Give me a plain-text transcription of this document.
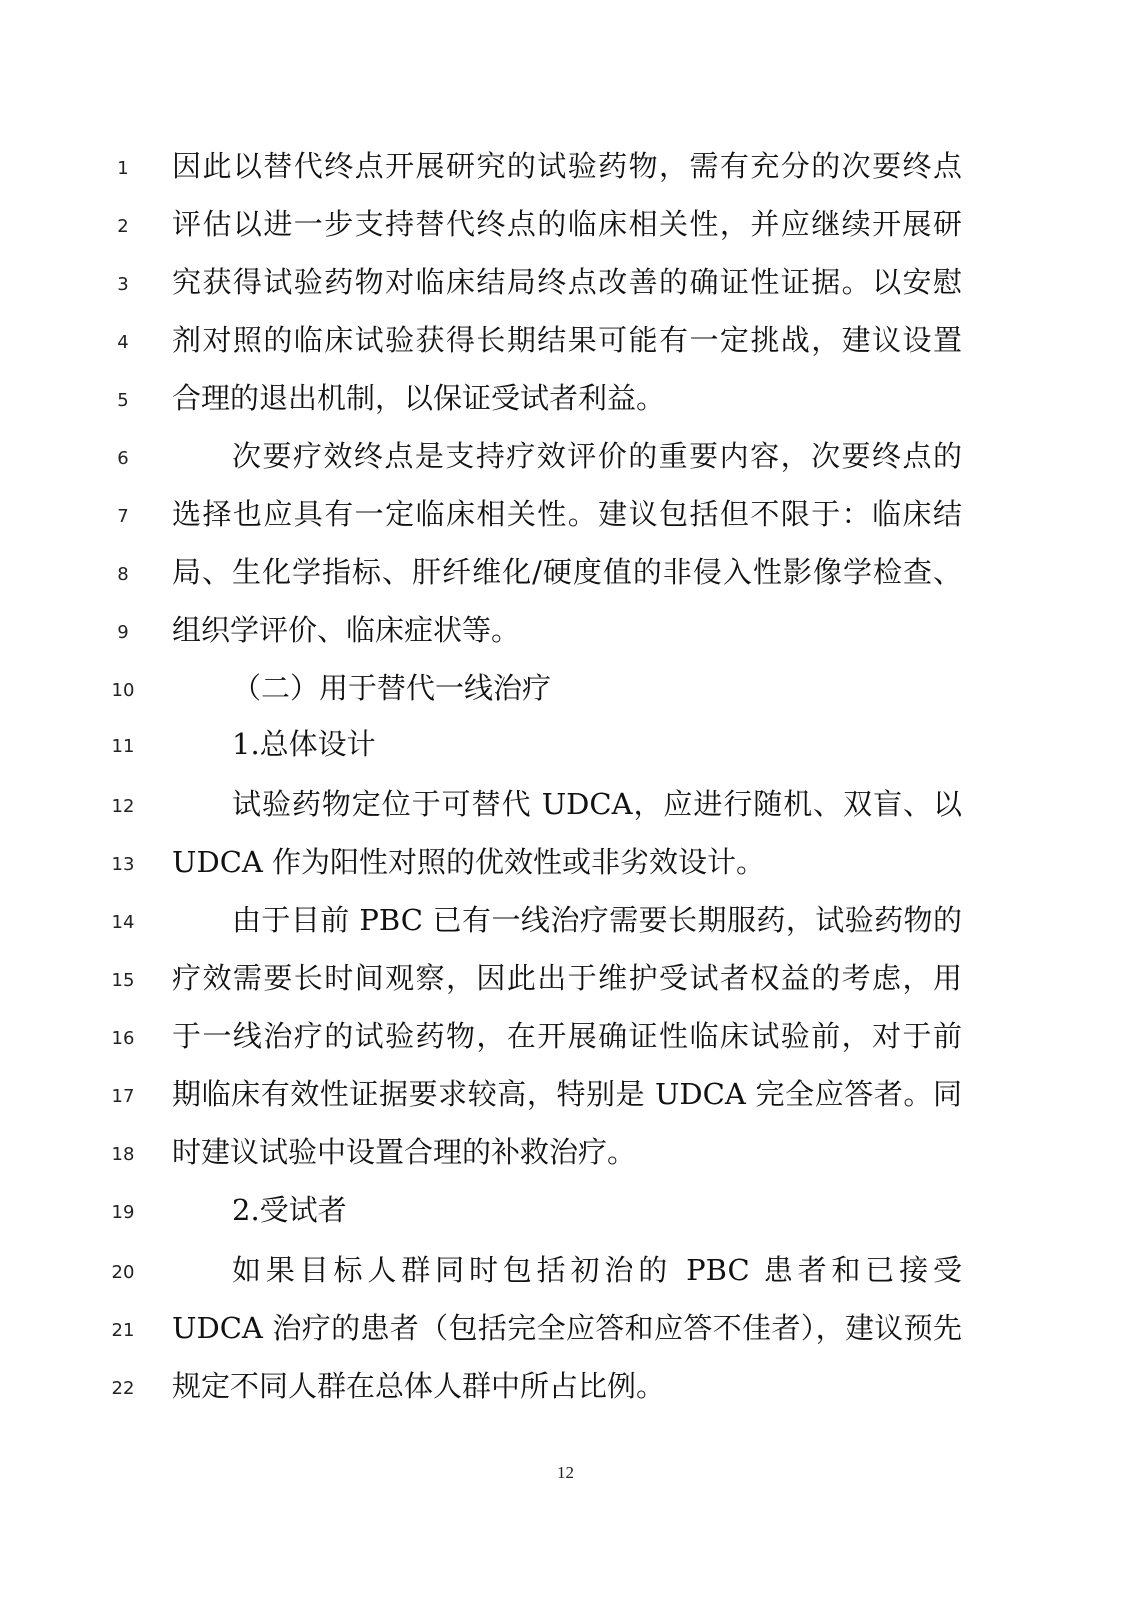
1	因此以替代终点开展研究的试验药物，需有充分的次要终点
2	评估以进一步支持替代终点的临床相关性，并应继续开展研
3	究获得试验药物对临床结局终点改善的确证性证据。以安慰
4	剂对照的临床试验获得长期结果可能有一定挑战，建议设置
5	合理的退出机制，以保证受试者利益。
6	次要疗效终点是支持疗效评价的重要内容，次要终点的
7	选择也应具有一定临床相关性。建议包括但不限于：临床结
8	局、生化学指标、肝纤维化/硬度值的非侵入性影像学检查、
9	组织学评价、临床症状等。
10	（二）用于替代一线治疗
11	1.总体设计
12	试验药物定位于可替代 UDCA，应进行随机、双盲、以
13	UDCA 作为阳性对照的优效性或非劣效设计。
14	由于目前 PBC 已有一线治疗需要长期服药，试验药物的
15	疗效需要长时间观察，因此出于维护受试者权益的考虑，用
16	于一线治疗的试验药物，在开展确证性临床试验前，对于前
17	期临床有效性证据要求较高，特别是 UDCA 完全应答者。同
18	时建议试验中设置合理的补救治疗。
19	2.受试者
20	如果目标人群同时包括初治的 PBC 患者和已接受
21	UDCA 治疗的患者（包括完全应答和应答不佳者），建议预先
22	规定不同人群在总体人群中所占比例。
12
